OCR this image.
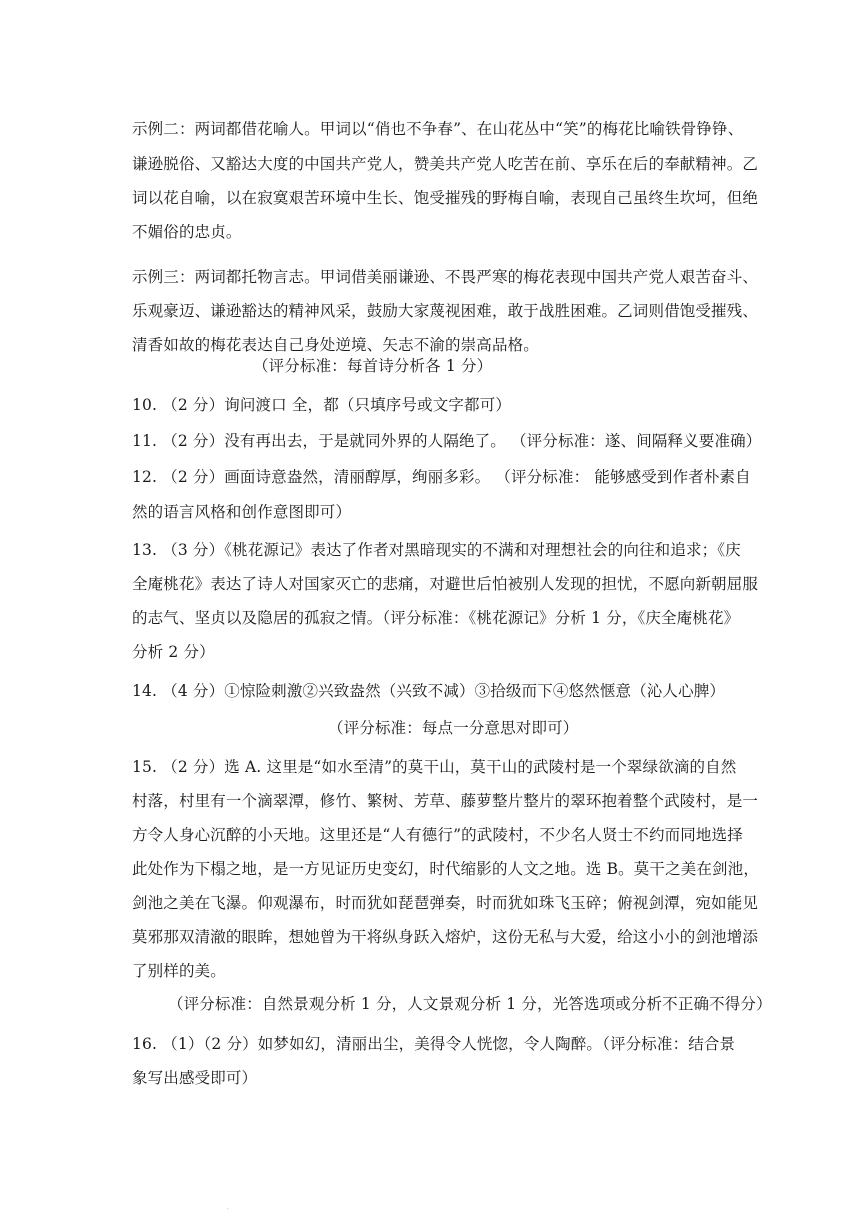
示例二：两词都借花喻人。甲词以“俏也不争春”、在山花丛中“笑”的梅花比喻铁骨铮铮、
谦逊脱俗、又豁达大度的中国共产党人，赞美共产党人吃苦在前、享乐在后的奉献精神。乙
词以花自喻，以在寂寞艰苦环境中生长、饱受摧残的野梅自喻，表现自己虽终生坎坷，但绝
不媚俗的忠贞。
示例三：两词都托物言志。甲词借美丽谦逊、不畏严寒的梅花表现中国共产党人艰苦奋斗、
乐观豪迈、谦逊豁达的精神风采，鼓励大家蔑视困难，敢于战胜困难。乙词则借饱受摧残、
清香如故的梅花表达自己身处逆境、矢志不渝的崇高品格。
（评分标准：每首诗分析各 1 分）
10. （2 分）询问渡口 全，都（只填序号或文字都可）
11. （2 分）没有再出去，于是就同外界的人隔绝了。 （评分标准：遂、间隔释义要准确）
12. （2 分）画面诗意盎然，清丽醇厚，绚丽多彩。 （评分标准： 能够感受到作者朴素自
然的语言风格和创作意图即可）
13. （3 分）《桃花源记》表达了作者对黑暗现实的不满和对理想社会的向往和追求；《庆
全庵桃花》表达了诗人对国家灭亡的悲痛，对避世后怕被别人发现的担忧，不愿向新朝屈服
的志气、坚贞以及隐居的孤寂之情。（评分标准：《桃花源记》分析 1 分，《庆全庵桃花》
分析 2 分）
14. （4 分）①惊险刺激②兴致盎然（兴致不减）③拾级而下④悠然惬意（沁人心脾）
（评分标准：每点一分意思对即可）
15. （2 分）选 A. 这里是“如水至清”的莫干山，莫干山的武陵村是一个翠绿欲滴的自然
村落，村里有一个滴翠潭，修竹、繁树、芳草、藤萝整片整片的翠环抱着整个武陵村，是一
方令人身心沉醉的小天地。这里还是“人有德行”的武陵村，不少名人贤士不约而同地选择
此处作为下榻之地，是一方见证历史变幻，时代缩影的人文之地。选 B。莫干之美在剑池，
剑池之美在飞瀑。仰观瀑布，时而犹如琵琶弹奏，时而犹如珠飞玉碎；俯视剑潭，宛如能见
莫邪那双清澈的眼眸，想她曾为干将纵身跃入熔炉，这份无私与大爱，给这小小的剑池增添
了别样的美。
（评分标准：自然景观分析 1 分，人文景观分析 1 分，光答选项或分析不正确不得分）
16. （1）（2 分）如梦如幻，清丽出尘，美得令人恍惚，令人陶醉。（评分标准：结合景
象写出感受即可）
·
